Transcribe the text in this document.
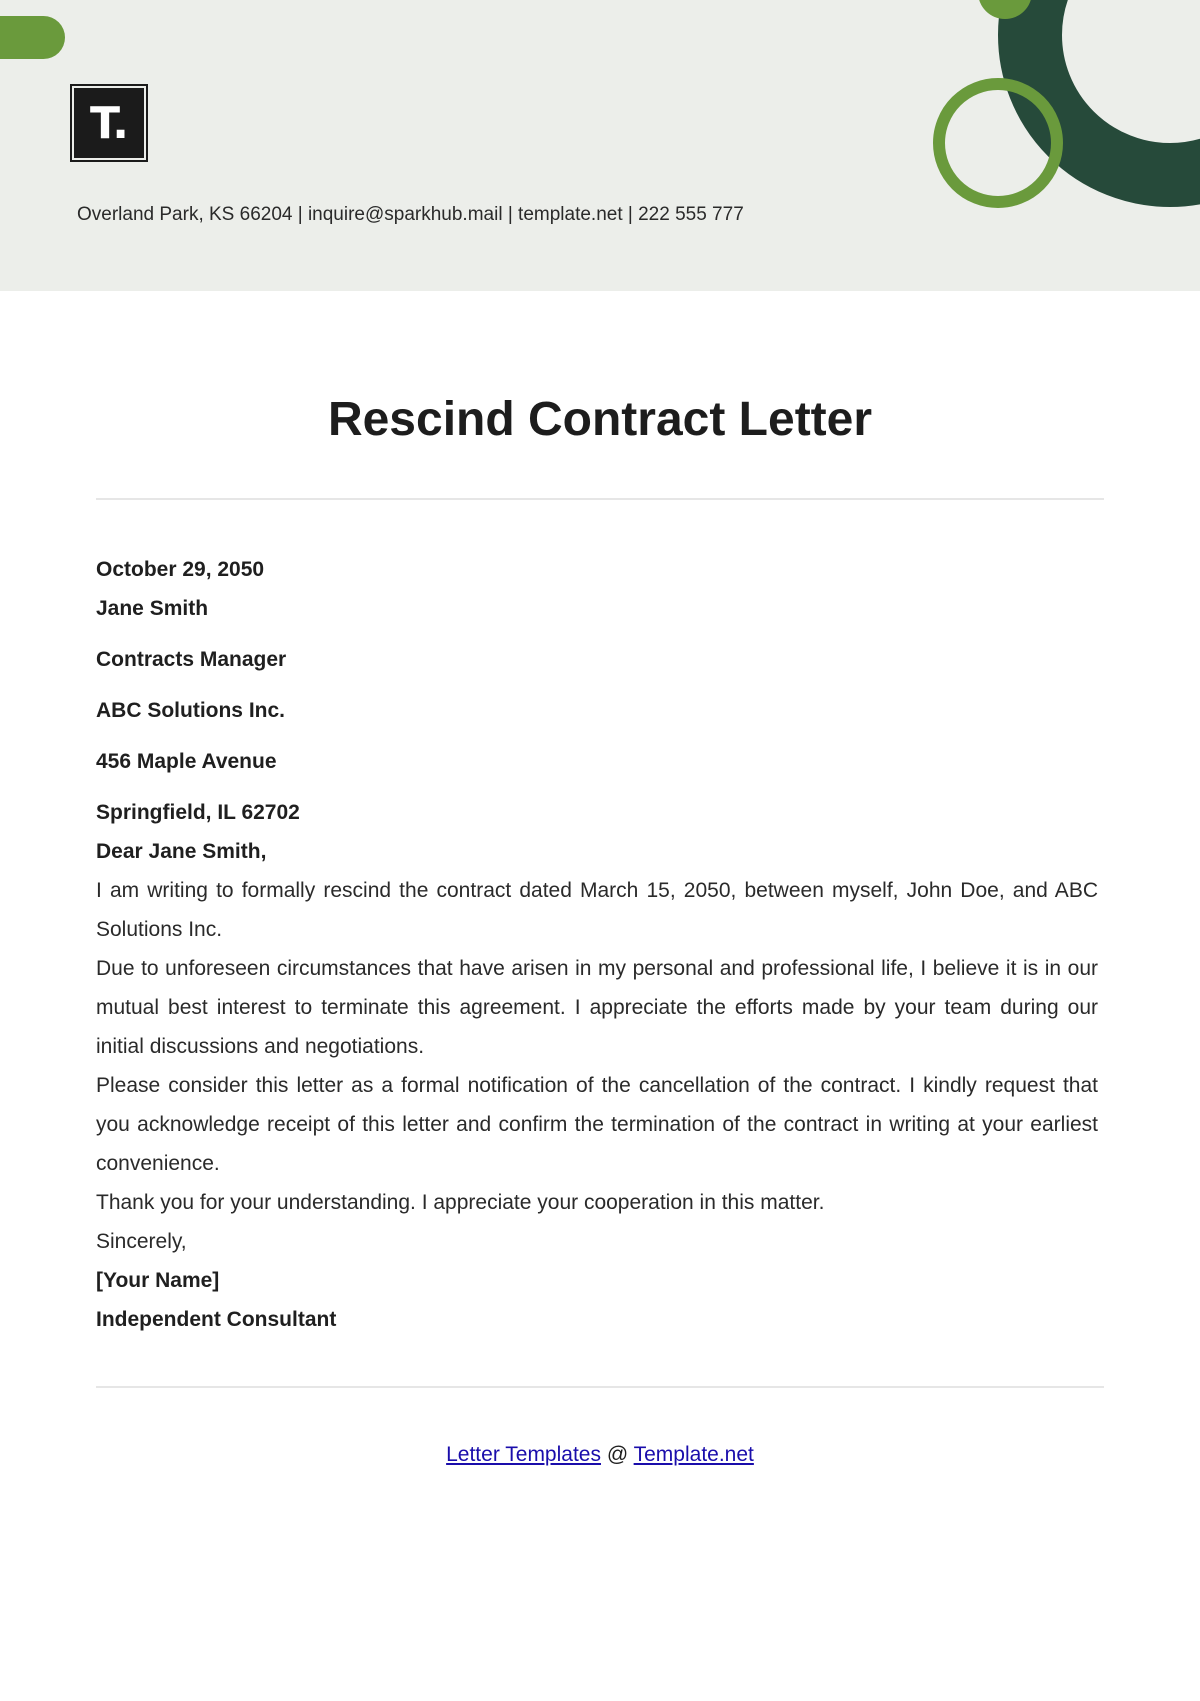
T.
Overland Park, KS 66204 | inquire@sparkhub.mail | template.net | 222 555 777
Rescind Contract Letter
October 29, 2050
Jane Smith
Contracts Manager
ABC Solutions Inc.
456 Maple Avenue
Springfield, IL 62702
Dear Jane Smith,
I am writing to formally rescind the contract dated March 15, 2050, between myself, John Doe, and ABC Solutions Inc.
Due to unforeseen circumstances that have arisen in my personal and professional life, I believe it is in our mutual best interest to terminate this agreement. I appreciate the efforts made by your team during our initial discussions and negotiations.
Please consider this letter as a formal notification of the cancellation of the contract. I kindly request that you acknowledge receipt of this letter and confirm the termination of the contract in writing at your earliest convenience.
Thank you for your understanding. I appreciate your cooperation in this matter.
Sincerely,
[Your Name]
Independent Consultant
Letter Templates @ Template.net
